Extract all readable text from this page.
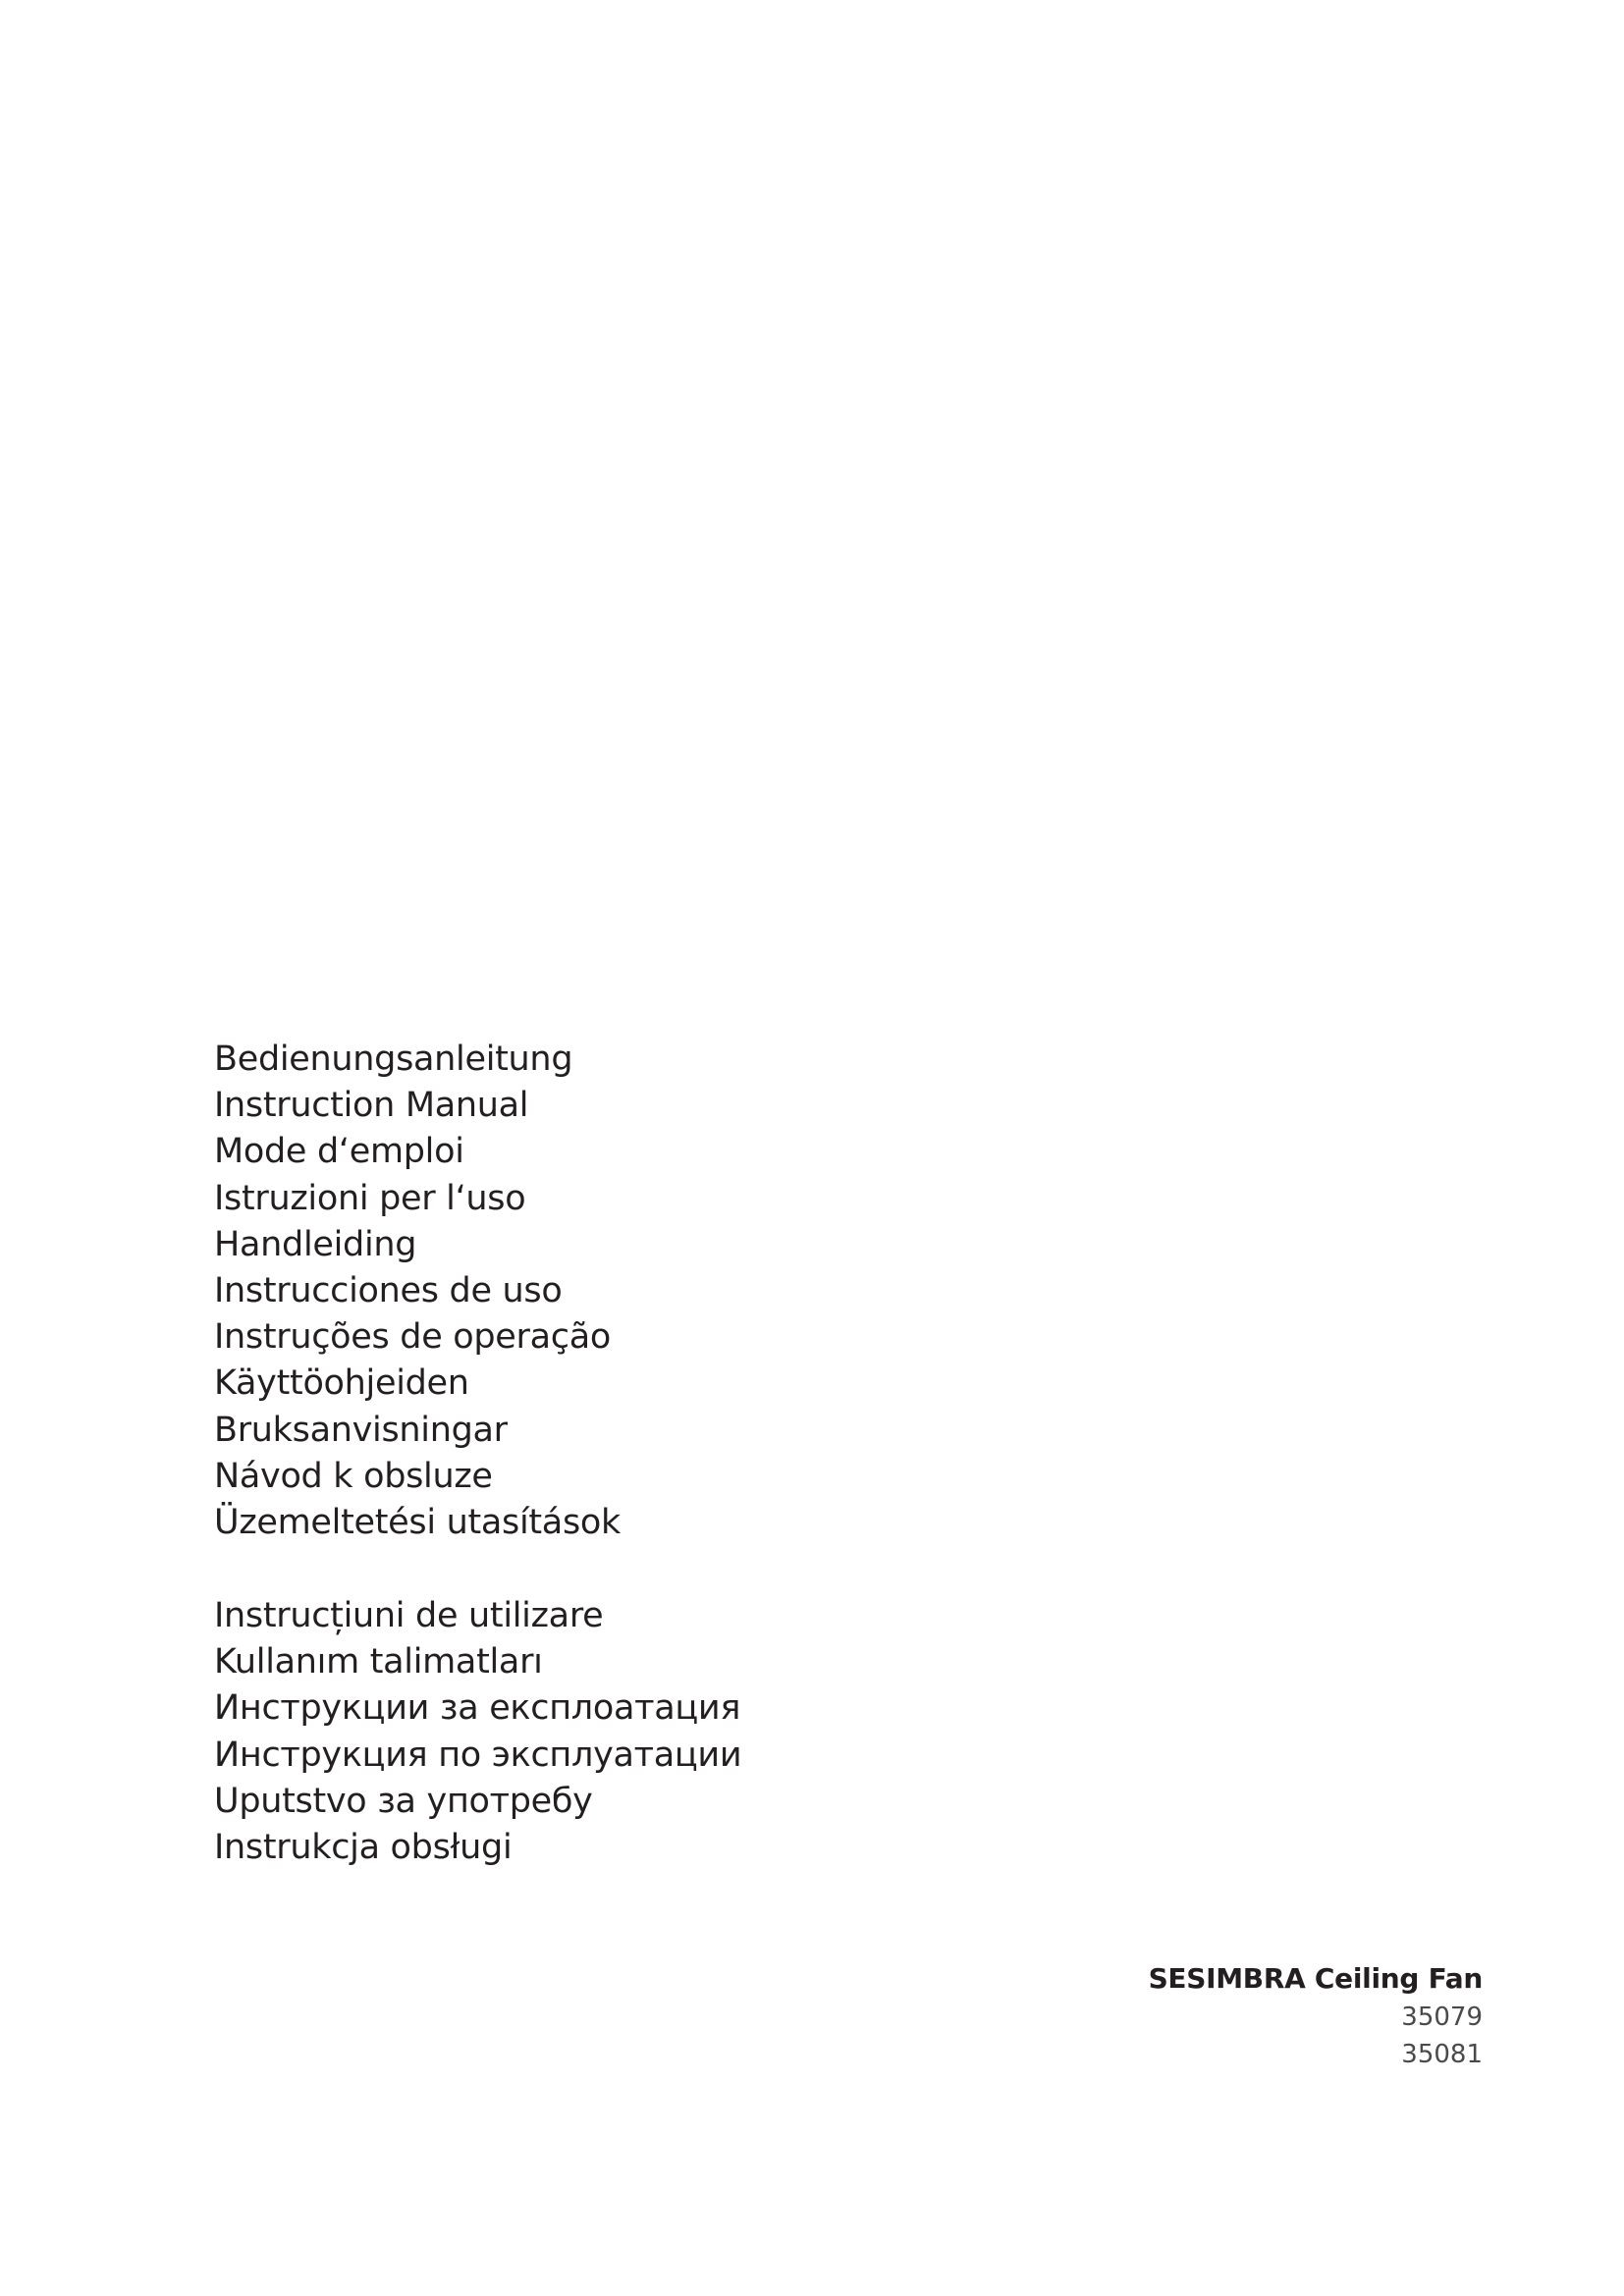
Bedienungsanleitung
Instruction Manual
Mode d‘emploi
Istruzioni per l‘uso
Handleiding
Instrucciones de uso
Instruções de operação
Käyttöohjeiden
Bruksanvisningar
Návod k obsluze
Üzemeltetési utasítások
Instrucțiuni de utilizare
Kullanım talimatları
Инструкции за експлоатация
Инструкция по эксплуатации
Uputstvo за употребу
Instrukcja obsługi
SESIMBRA Ceiling Fan
35079
35081
